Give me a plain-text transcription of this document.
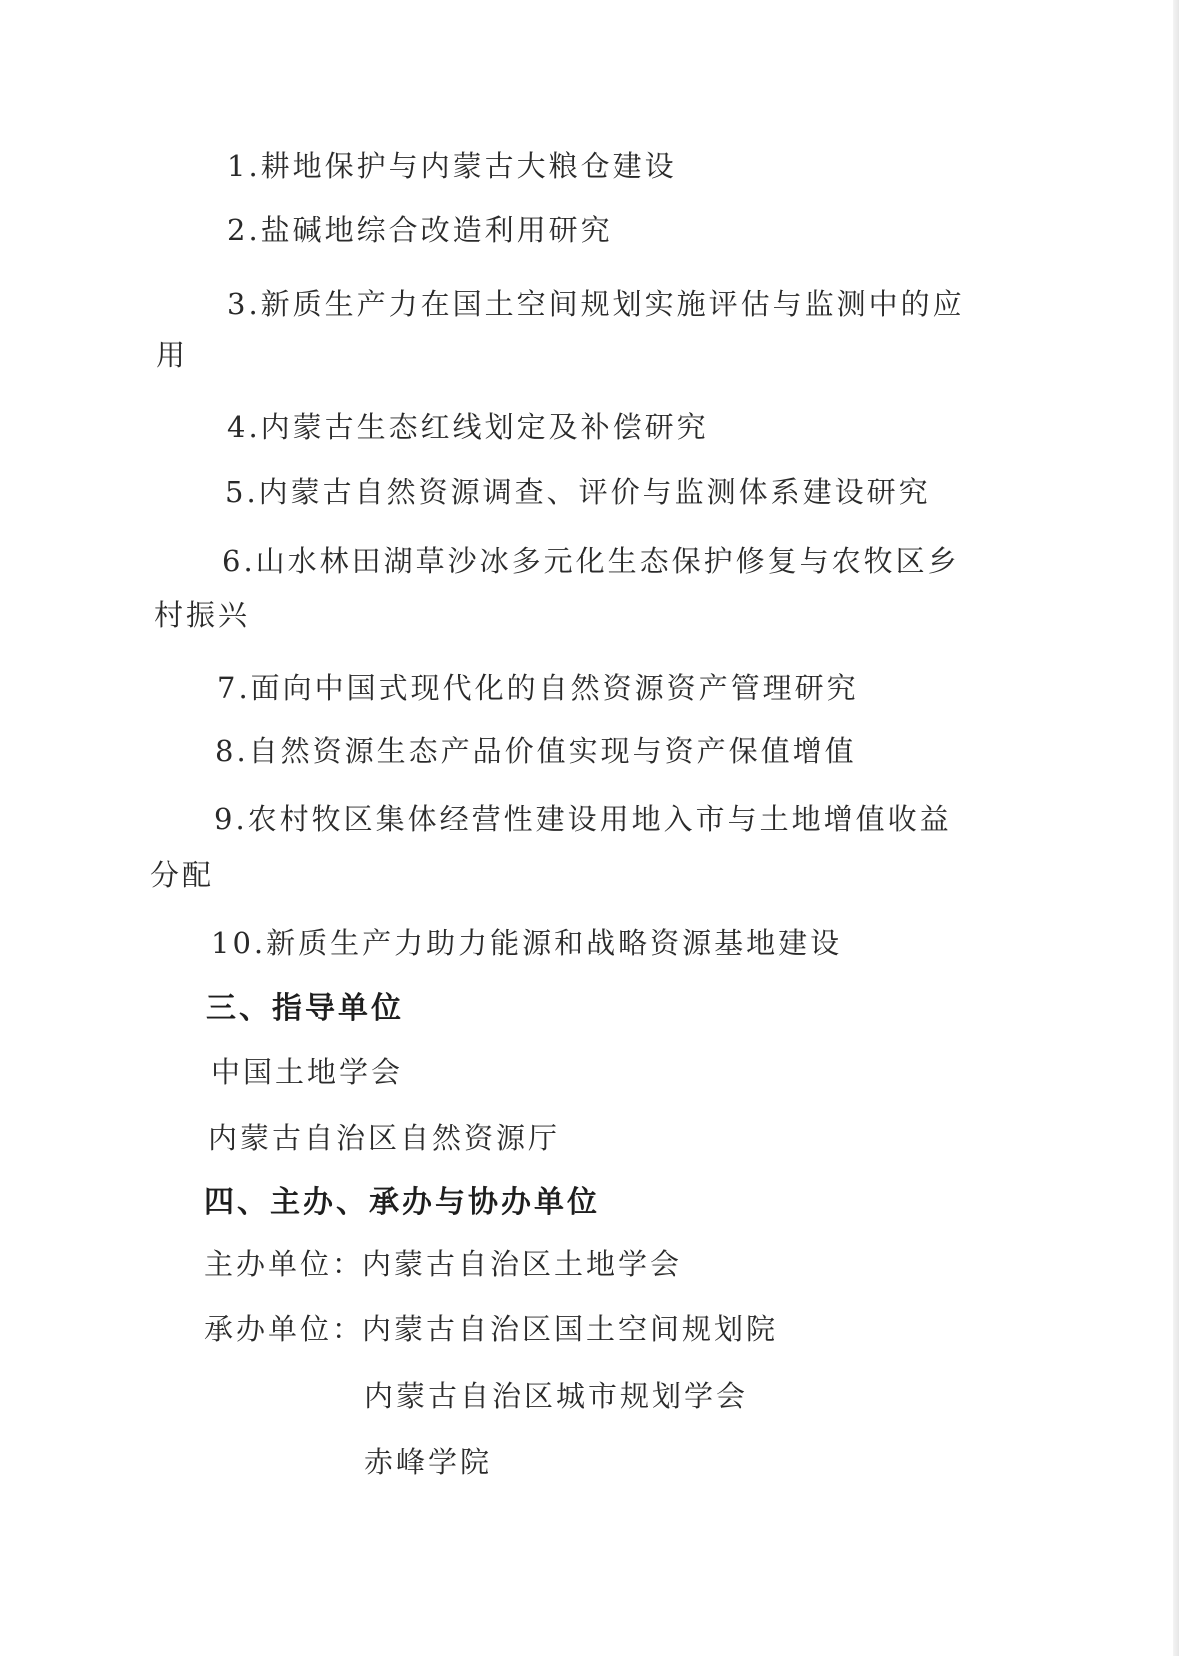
1.耕地保护与内蒙古大粮仓建设
2.盐碱地综合改造利用研究
3.新质生产力在国土空间规划实施评估与监测中的应
用
4.内蒙古生态红线划定及补偿研究
5.内蒙古自然资源调查、评价与监测体系建设研究
6.山水林田湖草沙冰多元化生态保护修复与农牧区乡
村振兴
7.面向中国式现代化的自然资源资产管理研究
8.自然资源生态产品价值实现与资产保值增值
9.农村牧区集体经营性建设用地入市与土地增值收益
分配
10.新质生产力助力能源和战略资源基地建设
三、指导单位
中国土地学会
内蒙古自治区自然资源厅
四、主办、承办与协办单位
主办单位：
内蒙古自治区土地学会
承办单位：
内蒙古自治区国土空间规划院
内蒙古自治区城市规划学会
赤峰学院
